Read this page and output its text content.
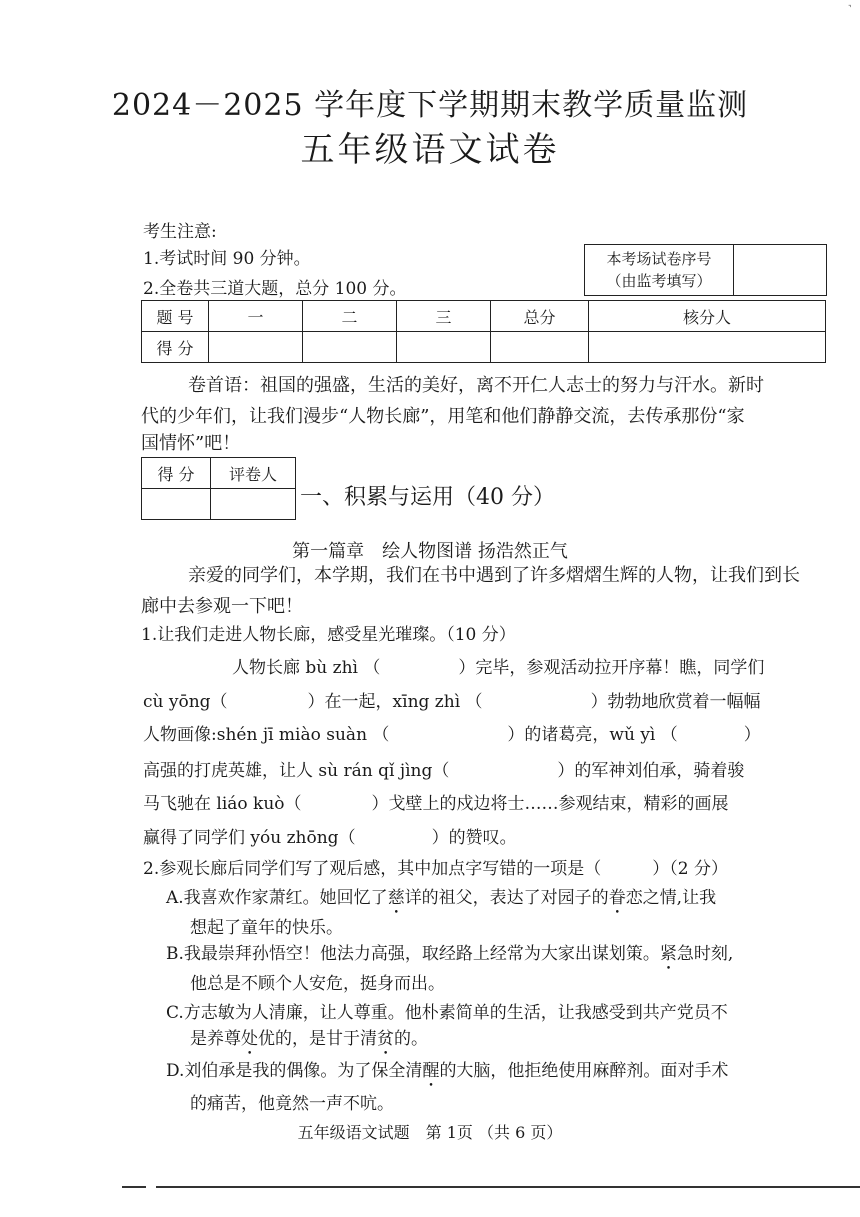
˺
2024－2025 学年度下学期期末教学质量监测
五年级语文试卷
考生注意:
1.考试时间 90 分钟。
2.全卷共三道大题，总分 100 分。
本考场试卷序号
（由监考填写）
题 号	一	二	三	总分	核分人
得 分					
卷首语：祖国的强盛，生活的美好，离不开仁人志士的努力与汗水。新时
代的少年们，让我们漫步“人物长廊”，用笔和他们静静交流，去传承那份“家
国情怀”吧！
得 分	评卷人

一、积累与运用（40 分）
第一篇章　绘人物图谱 扬浩然正气
亲爱的同学们，本学期，我们在书中遇到了许多熠熠生辉的人物，让我们到长
廊中去参观一下吧！
1.让我们走进人物长廊，感受星光璀璨。（10 分）
人物长廊 bù zhì （	）完毕，参观活动拉开序幕！瞧，同学们
cù yōng（	）在一起，xīng zhì （	）勃勃地欣赏着一幅幅
人物画像:shén jī miào suàn （	）的诸葛亮，wǔ yì （	）
高强的打虎英雄，让人 sù rán qǐ jìng（	）的军神刘伯承，骑着骏
马飞驰在 liáo kuò（	）戈壁上的戍边将士……参观结束，精彩的画展
赢得了同学们 yóu zhōng（	）的赞叹。
2.参观长廊后同学们写了观后感，其中加点字写错的一项是（　　　）（2 分）
A.我喜欢作家萧红。她回忆了慈详的祖父，表达了对园子的眷恋之情,让我
想起了童年的快乐。
B.我最崇拜孙悟空！他法力高强，取经路上经常为大家出谋划策。紧急时刻,
他总是不顾个人安危，挺身而出。
C.方志敏为人清廉，让人尊重。他朴素简单的生活，让我感受到共产党员不
是养尊处优的，是甘于清贫的。
D.刘伯承是我的偶像。为了保全清醒的大脑，他拒绝使用麻醉剂。面对手术
的痛苦，他竟然一声不吭。
五年级语文试题　第 1页 （共 6 页）
